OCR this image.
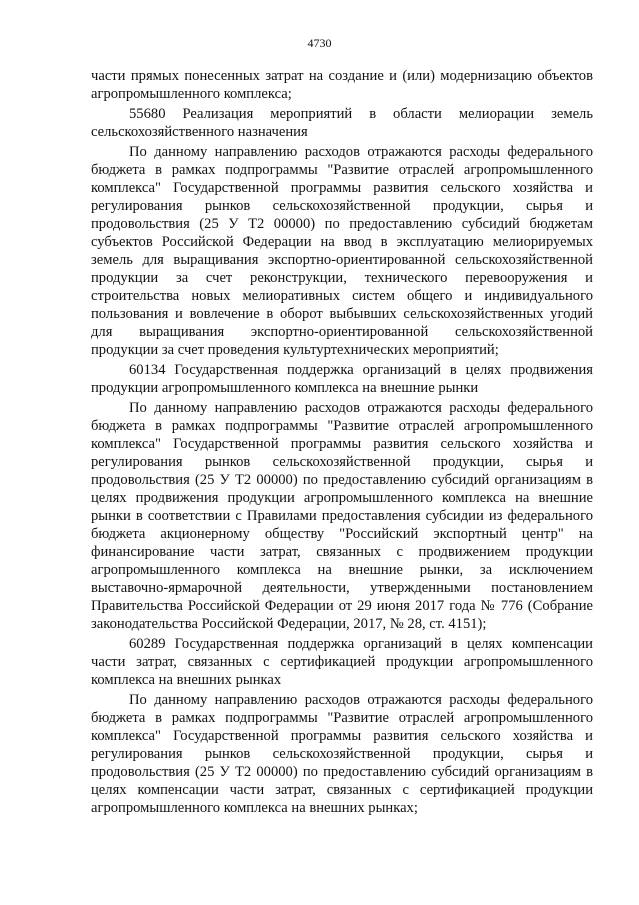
4730

части прямых понесенных затрат на создание и (или) модернизацию объектов агропромышленного комплекса;

55680 Реализация мероприятий в области мелиорации земель сельскохозяйственного назначения

По данному направлению расходов отражаются расходы федерального бюджета в рамках подпрограммы "Развитие отраслей агропромышленного комплекса" Государственной программы развития сельского хозяйства и регулирования рынков сельскохозяйственной продукции, сырья и продовольствия (25 У Т2 00000) по предоставлению субсидий бюджетам субъектов Российской Федерации на ввод в эксплуатацию мелиорируемых земель для выращивания экспортно-ориентированной сельскохозяйственной продукции за счет реконструкции, технического перевооружения и строительства новых мелиоративных систем общего и индивидуального пользования и вовлечение в оборот выбывших сельскохозяйственных угодий для выращивания экспортно-ориентированной сельскохозяйственной продукции за счет проведения культуртехнических мероприятий;

60134 Государственная поддержка организаций в целях продвижения продукции агропромышленного комплекса на внешние рынки

По данному направлению расходов отражаются расходы федерального бюджета в рамках подпрограммы "Развитие отраслей агропромышленного комплекса" Государственной программы развития сельского хозяйства и регулирования рынков сельскохозяйственной продукции, сырья и продовольствия (25 У Т2 00000) по предоставлению субсидий организациям в целях продвижения продукции агропромышленного комплекса на внешние рынки в соответствии с Правилами предоставления субсидии из федерального бюджета акционерному обществу "Российский экспортный центр" на финансирование части затрат, связанных с продвижением продукции агропромышленного комплекса на внешние рынки, за исключением выставочно-ярмарочной деятельности, утвержденными постановлением Правительства Российской Федерации от 29 июня 2017 года № 776 (Собрание законодательства Российской Федерации, 2017, № 28, ст. 4151);

60289 Государственная поддержка организаций в целях компенсации части затрат, связанных с сертификацией продукции агропромышленного комплекса на внешних рынках

По данному направлению расходов отражаются расходы федерального бюджета в рамках подпрограммы "Развитие отраслей агропромышленного комплекса" Государственной программы развития сельского хозяйства и регулирования рынков сельскохозяйственной продукции, сырья и продовольствия (25 У Т2 00000) по предоставлению субсидий организациям в целях компенсации части затрат, связанных с сертификацией продукции агропромышленного комплекса на внешних рынках;
